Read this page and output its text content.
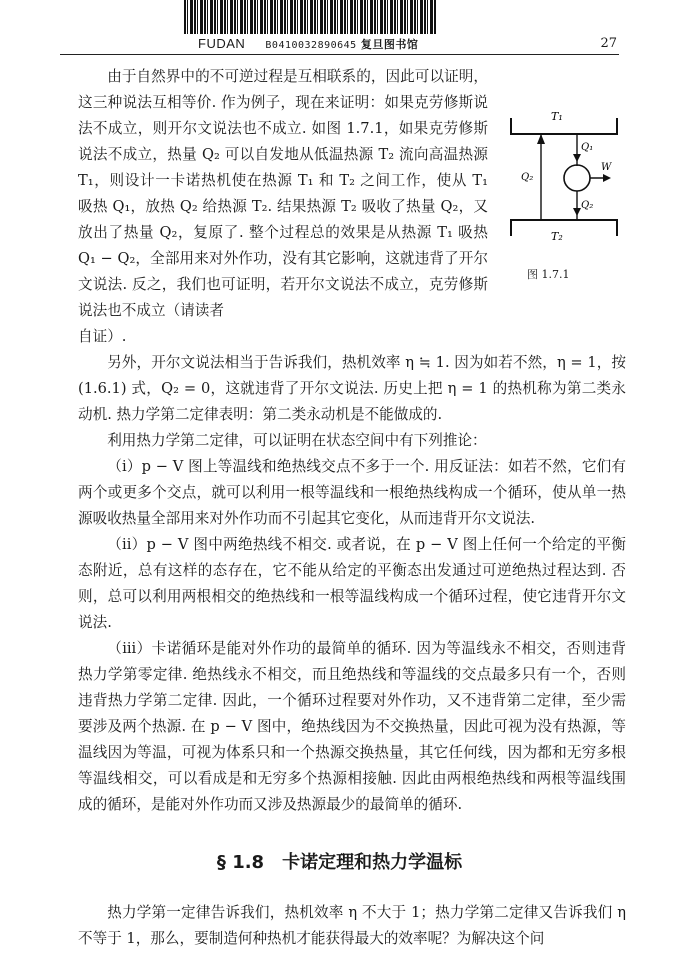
FUDAN B0410032890645 复旦图书馆	27

由于自然界中的不可逆过程是互相联系的，因此可以证明，这三种说法互相等价. 作为例子，现在来证明：如果克劳修斯说法不成立，则开尔文说法也不成立. 如图 1.7.1，如果克劳修斯说法不成立，热量 Q₂ 可以自发地从低温热源 T₂ 流向高温热源 T₁，则设计一卡诺热机使在热源 T₁ 和 T₂ 之间工作，使从 T₁ 吸热 Q₁，放热 Q₂ 给热源 T₂. 结果热源 T₂ 吸收了热量 Q₂，又放出了热量 Q₂，复原了. 整个过程总的效果是从热源 T₁ 吸热 Q₁ − Q₂，全部用来对外作功，没有其它影响，这就违背了开尔文说法. 反之，我们也可证明，若开尔文说法不成立，克劳修斯说法也不成立（请读者

自证）.

另外，开尔文说法相当于告诉我们，热机效率 η ≒ 1. 因为如若不然，η = 1，按 (1.6.1) 式，Q₂ = 0，这就违背了开尔文说法. 历史上把 η = 1 的热机称为第二类永动机. 热力学第二定律表明：第二类永动机是不能做成的.

利用热力学第二定律，可以证明在状态空间中有下列推论：

（i）p − V 图上等温线和绝热线交点不多于一个. 用反证法：如若不然，它们有两个或更多个交点，就可以利用一根等温线和一根绝热线构成一个循环，使从单一热源吸收热量全部用来对外作功而不引起其它变化，从而违背开尔文说法.

（ii）p − V 图中两绝热线不相交. 或者说，在 p − V 图上任何一个给定的平衡态附近，总有这样的态存在，它不能从给定的平衡态出发通过可逆绝热过程达到. 否则，总可以利用两根相交的绝热线和一根等温线构成一个循环过程，使它违背开尔文说法.

（iii）卡诺循环是能对外作功的最简单的循环. 因为等温线永不相交，否则违背热力学第零定律. 绝热线永不相交，而且绝热线和等温线的交点最多只有一个，否则违背热力学第二定律. 因此，一个循环过程要对外作功，又不违背第二定律，至少需要涉及两个热源. 在 p − V 图中，绝热线因为不交换热量，因此可视为没有热源，等温线因为等温，可视为体系只和一个热源交换热量，其它任何线，因为都和无穷多根等温线相交，可以看成是和无穷多个热源相接触. 因此由两根绝热线和两根等温线围成的循环，是能对外作功而又涉及热源最少的最简单的循环.

T₁
T₂
Q₁
Q₂
Q₂
W
图 1.7.1
§ 1.8 卡诺定理和热力学温标

热力学第一定律告诉我们，热机效率 η 不大于 1；热力学第二定律又告诉我们 η 不等于 1，那么，要制造何种热机才能获得最大的效率呢？为解决这个问
